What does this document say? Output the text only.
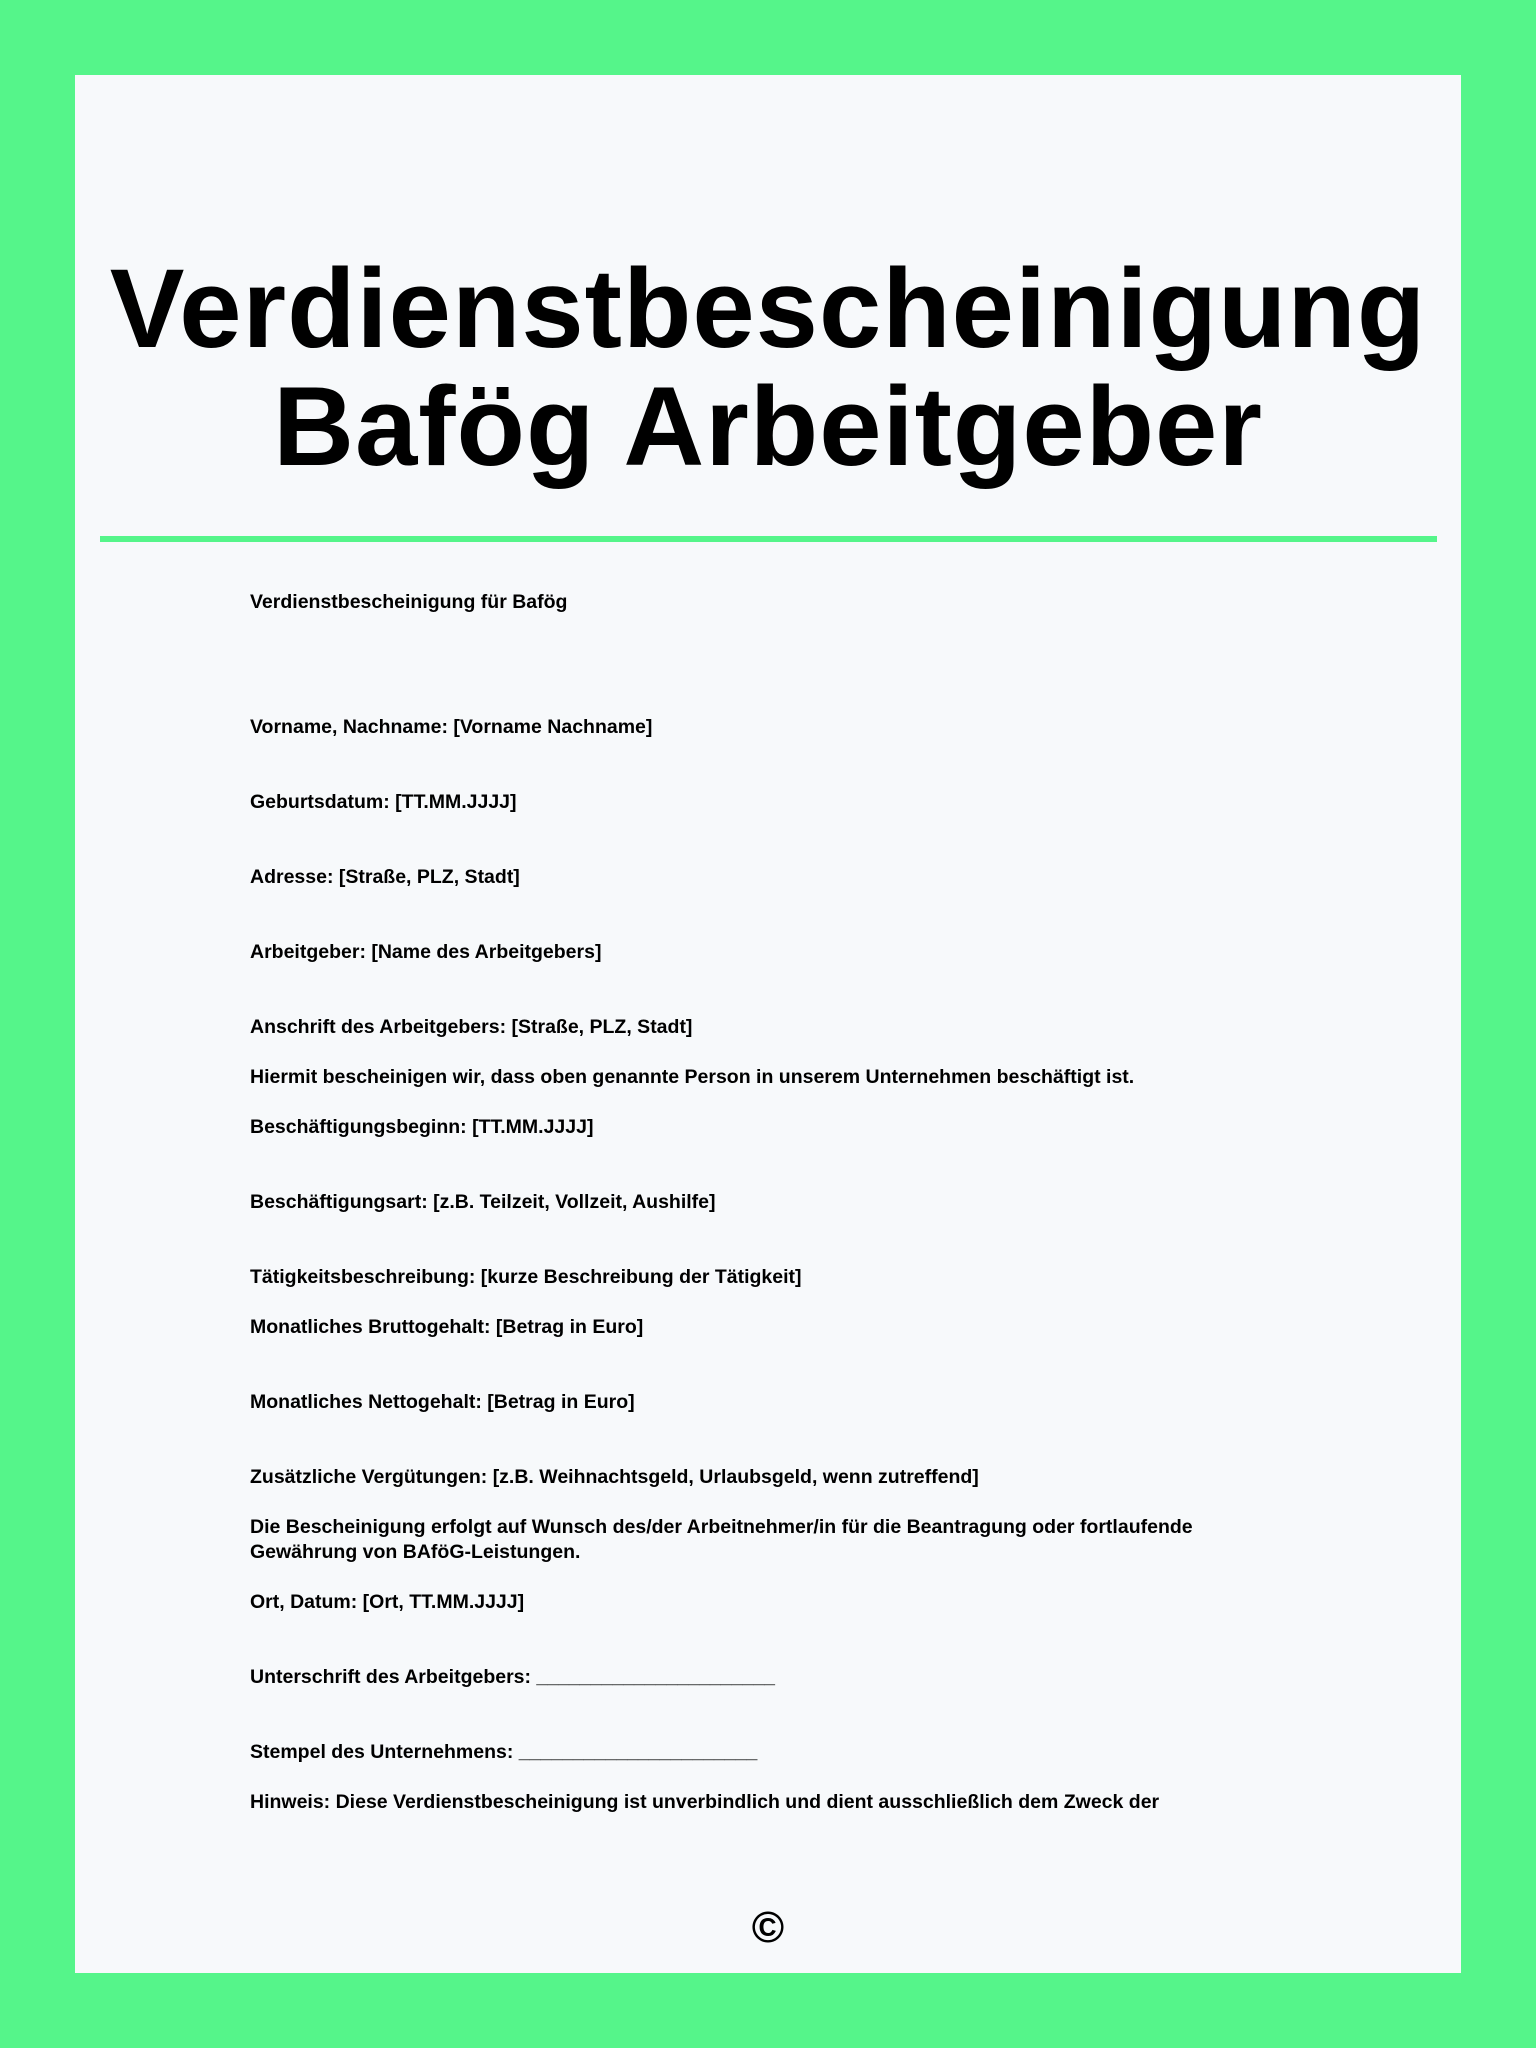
Verdienstbescheinigung
Bafög Arbeitgeber
Verdienstbescheinigung für Bafög
Vorname, Nachname: [Vorname Nachname]
Geburtsdatum: [TT.MM.JJJJ]
Adresse: [Straße, PLZ, Stadt]
Arbeitgeber: [Name des Arbeitgebers]
Anschrift des Arbeitgebers: [Straße, PLZ, Stadt]
Hiermit bescheinigen wir, dass oben genannte Person in unserem Unternehmen beschäftigt ist.
Beschäftigungsbeginn: [TT.MM.JJJJ]
Beschäftigungsart: [z.B. Teilzeit, Vollzeit, Aushilfe]
Tätigkeitsbeschreibung: [kurze Beschreibung der Tätigkeit]
Monatliches Bruttogehalt: [Betrag in Euro]
Monatliches Nettogehalt: [Betrag in Euro]
Zusätzliche Vergütungen: [z.B. Weihnachtsgeld, Urlaubsgeld, wenn zutreffend]
Die Bescheinigung erfolgt auf Wunsch des/der Arbeitnehmer/in für die Beantragung oder fortlaufende Gewährung von BAföG-Leistungen.
Ort, Datum: [Ort, TT.MM.JJJJ]
Unterschrift des Arbeitgebers: ______________________
Stempel des Unternehmens: ______________________
Hinweis: Diese Verdienstbescheinigung ist unverbindlich und dient ausschließlich dem Zweck der
©
